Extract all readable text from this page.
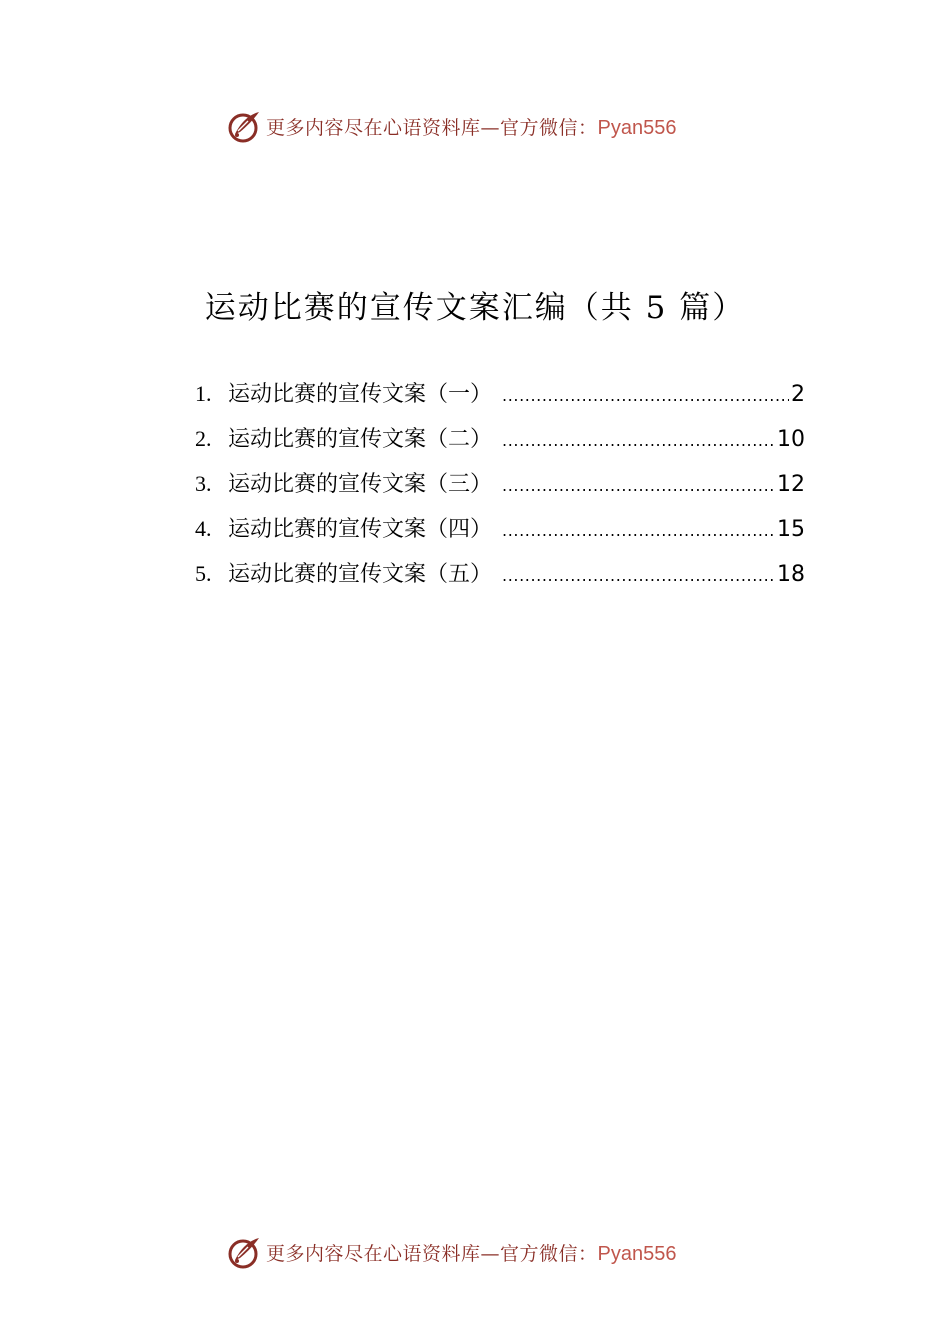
更多内容尽在心语资料库—官方微信：Pyan556
运动比赛的宣传文案汇编（共 5 篇）
1. 运动比赛的宣传文案（一） .....	2
2. 运动比赛的宣传文案（二） .....	10
3. 运动比赛的宣传文案（三） .....	12
4. 运动比赛的宣传文案（四） .....	15
5. 运动比赛的宣传文案（五） .....	18
更多内容尽在心语资料库—官方微信：Pyan556
